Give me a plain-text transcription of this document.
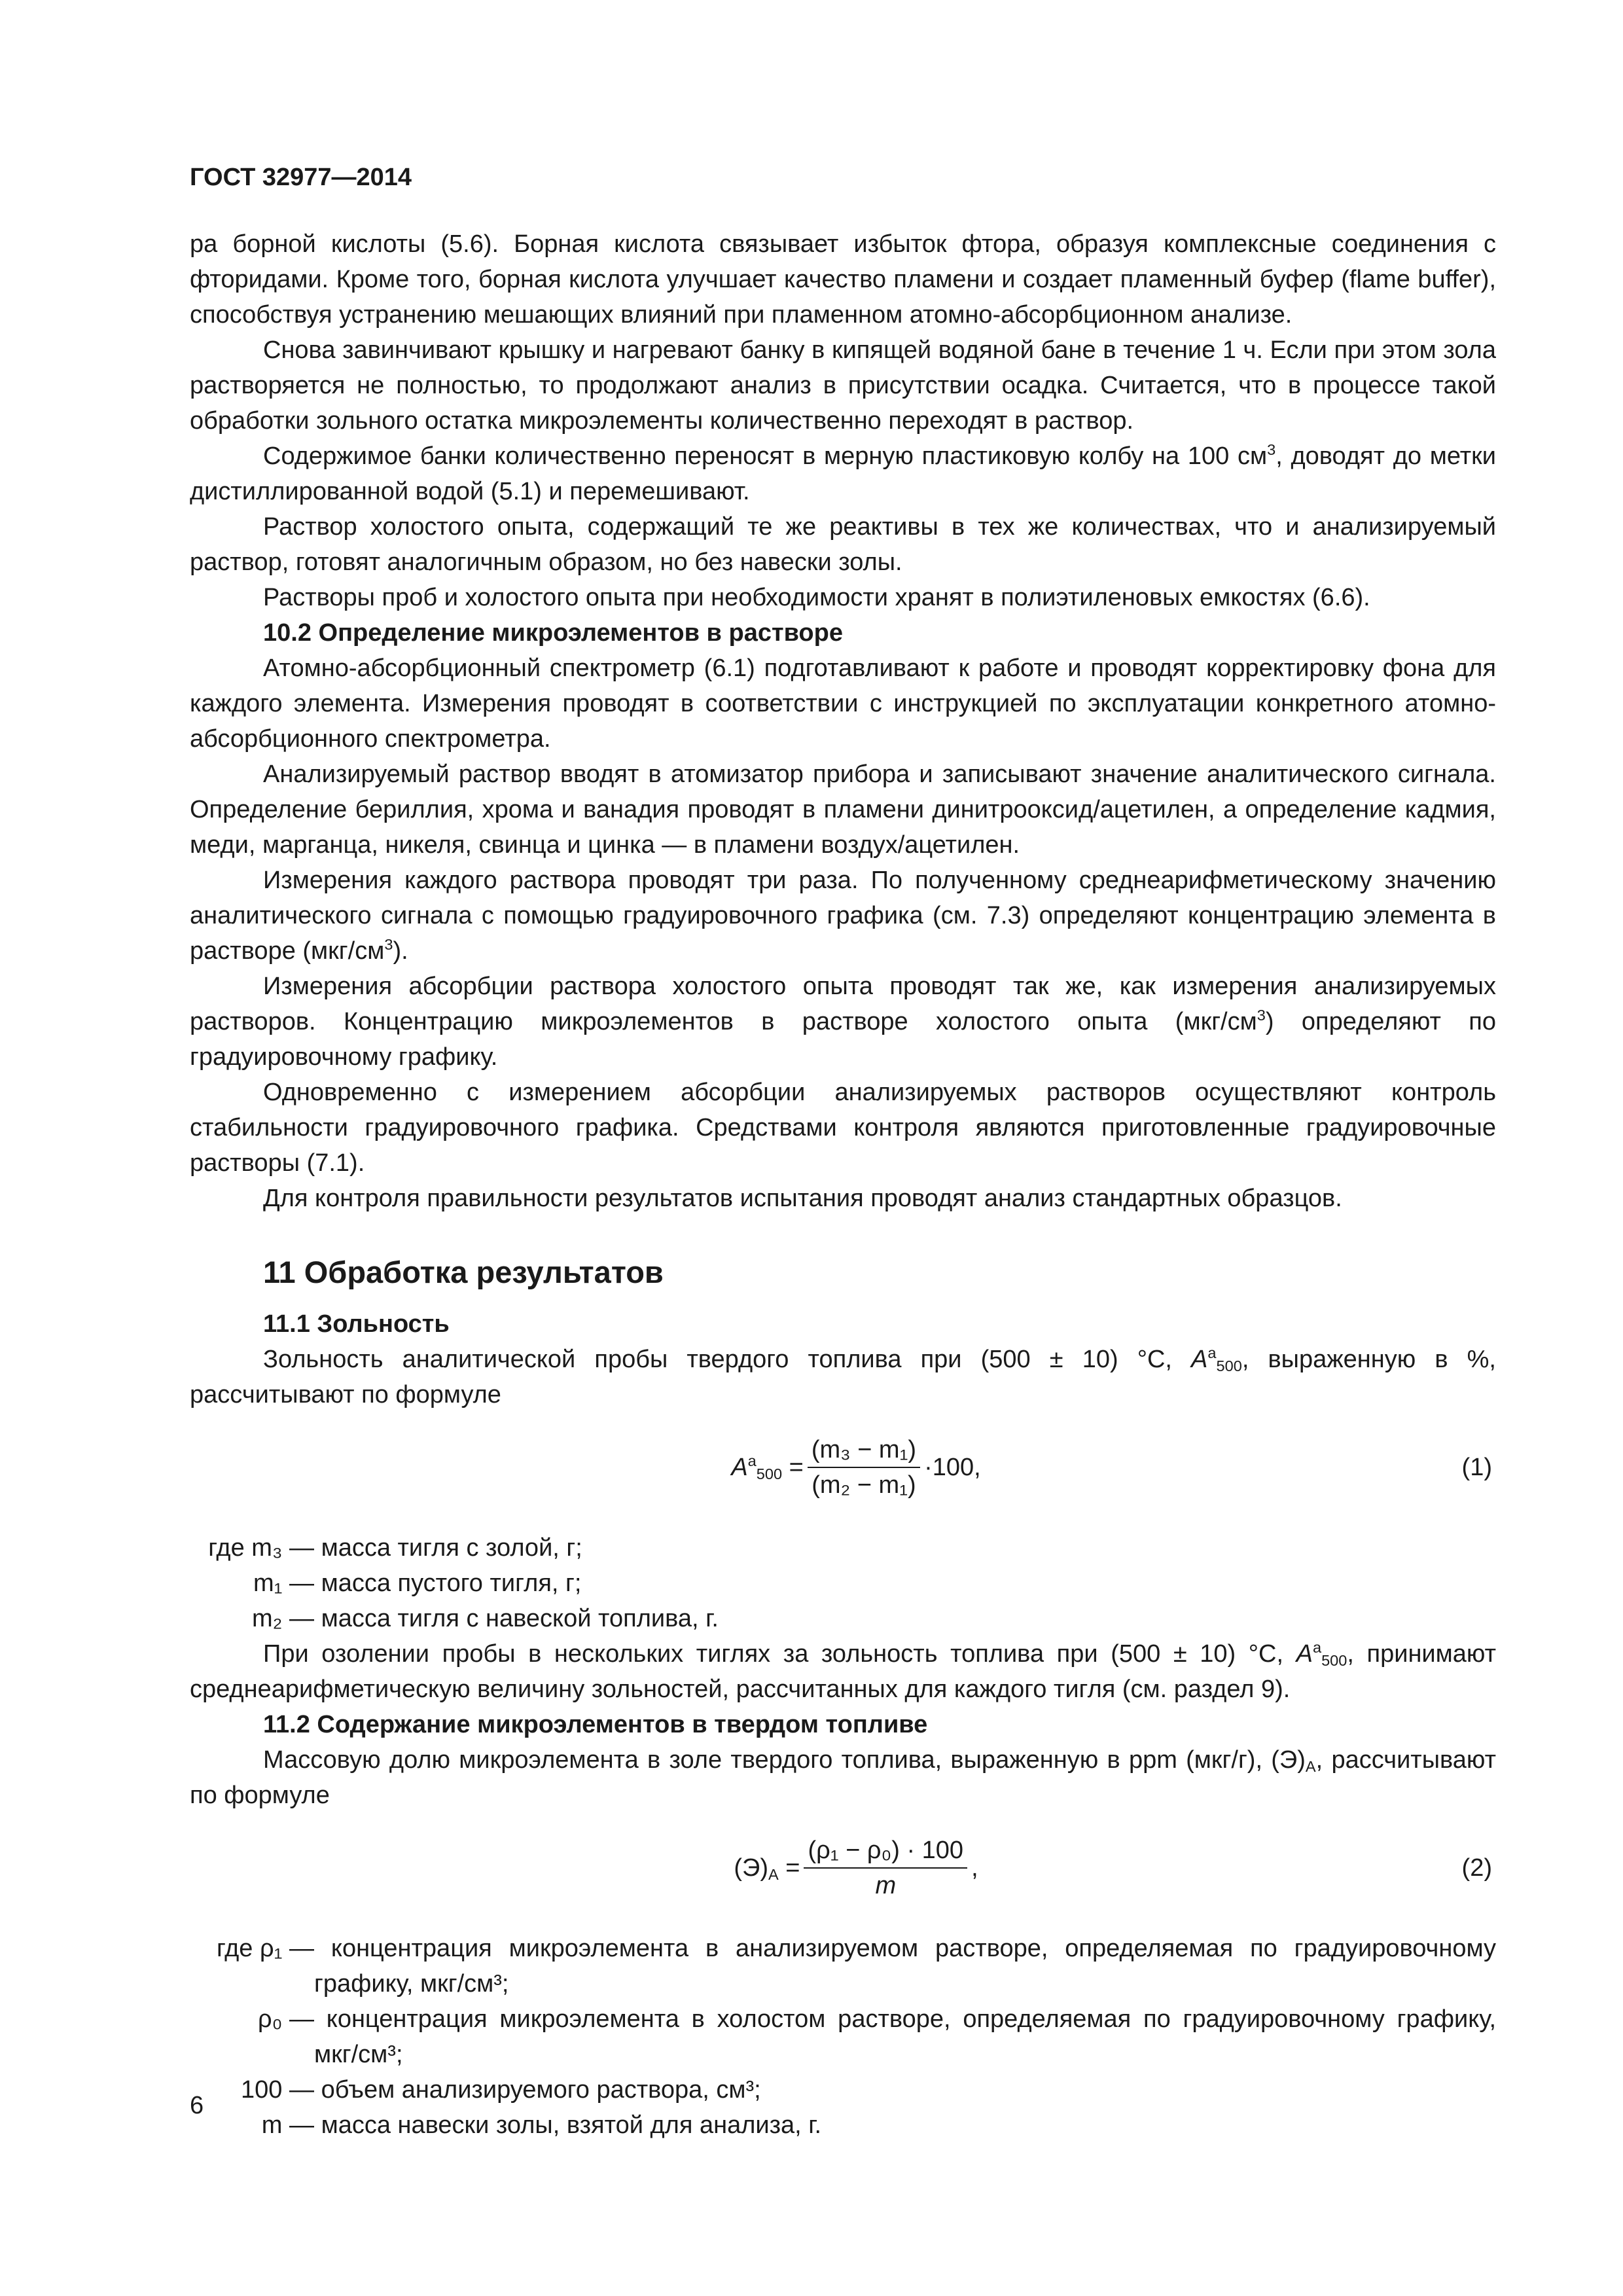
ГОСТ 32977—2014

ра борной кислоты (5.6). Борная кислота связывает избыток фтора, образуя комплексные соединения с фторидами. Кроме того, борная кислота улучшает качество пламени и создает пламенный буфер (flame buffer), способствуя устранению мешающих влияний при пламенном атомно-абсорбционном анализе.

Снова завинчивают крышку и нагревают банку в кипящей водяной бане в течение 1 ч. Если при этом зола растворяется не полностью, то продолжают анализ в присутствии осадка. Считается, что в процессе такой обработки зольного остатка микроэлементы количественно переходят в раствор.

Содержимое банки количественно переносят в мерную пластиковую колбу на 100 $см^3$, доводят до метки дистиллированной водой (5.1) и перемешивают.

Раствор холостого опыта, содержащий те же реактивы в тех же количествах, что и анализируемый раствор, готовят аналогичным образом, но без навески золы.

Растворы проб и холостого опыта при необходимости хранят в полиэтиленовых емкостях (6.6).

10.2 Определение микроэлементов в растворе

Атомно-абсорбционный спектрометр (6.1) подготавливают к работе и проводят корректировку фона для каждого элемента. Измерения проводят в соответствии с инструкцией по эксплуатации конкретного атомно-абсорбционного спектрометра.

Анализируемый раствор вводят в атомизатор прибора и записывают значение аналитического сигнала. Определение бериллия, хрома и ванадия проводят в пламени динитрооксид/ацетилен, а определение кадмия, меди, марганца, никеля, свинца и цинка — в пламени воздух/ацетилен.

Измерения каждого раствора проводят три раза. По полученному среднеарифметическому значению аналитического сигнала с помощью градуировочного графика (см. 7.3) определяют концентрацию элемента в растворе $(мкг/см^3)$.

Измерения абсорбции раствора холостого опыта проводят так же, как измерения анализируемых растворов. Концентрацию микроэлементов в растворе холостого опыта $(мкг/см^3)$ определяют по градуировочному графику.

Одновременно с измерением абсорбции анализируемых растворов осуществляют контроль стабильности градуировочного графика. Средствами контроля являются приготовленные градуировочные растворы (7.1).

Для контроля правильности результатов испытания проводят анализ стандартных образцов.

11 Обработка результатов

11.1 Зольность

Зольность аналитической пробы твердого топлива при (500 ± 10) °С, $A^a_{500}$, выраженную в %, рассчитывают по формуле

$A^a_{500} = \frac{\text{(m₃ − m₁)}}{\text{(m₂ − m₁)}} \cdot 100$,	(1)
где m₃ — масса тигля с золой, г;
m₁ — масса пустого тигля, г;
m₂ — масса тигля с навеской топлива, г.

При озолении пробы в нескольких тиглях за зольность топлива при (500 ± 10) °С, $A^a_{500}$, принимают среднеарифметическую величину зольностей, рассчитанных для каждого тигля (см. раздел 9).

11.2 Содержание микроэлементов в твердом топливе

Массовую долю микроэлемента в золе твердого топлива, выраженную в ppm (мкг/г), $(Э)_А$, рассчитывают по формуле

$(Э)_А = \frac{\text{(ρ₁ − ρ₀) · 100}}{m}$ ,	(2)
где ρ₁ — концентрация микроэлемента в анализируемом растворе, определяемая по градуировочному графику, мкг/см³;
ρ₀ — концентрация микроэлемента в холостом растворе, определяемая по градуировочному графику, мкг/см³;
100 — объем анализируемого раствора, см³;
m — масса навески золы, взятой для анализа, г.
6
